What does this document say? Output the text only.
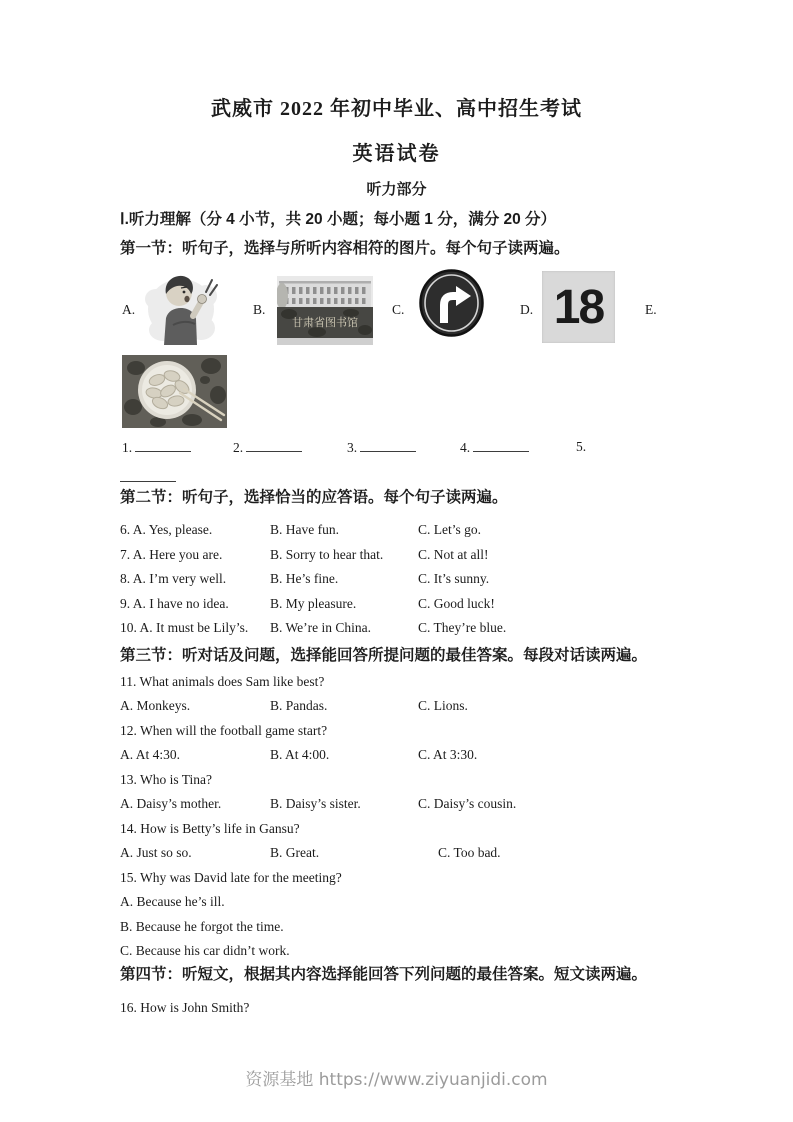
武威市 2022 年初中毕业、高中招生考试
英语试卷
听力部分
Ⅰ.听力理解（分 4 小节，共 20 小题；每小题 1 分，满分 20 分）
第一节：听句子，选择与所听内容相符的图片。每个句子读两遍。
A.	B.
甘肃省图书馆
C.	D. 18	E.
1.	2.	3.	4.	5.
第二节：听句子，选择恰当的应答语。每个句子读两遍。
6. A. Yes, please.	B. Have fun.	C. Let’s go.
7. A. Here you are.	B. Sorry to hear that.	C. Not at all!
8. A. I’m very well.	B. He’s fine.	C. It’s sunny.
9. A. I have no idea.	B. My pleasure.	C. Good luck!
10. A. It must be Lily’s.	B. We’re in China.	C. They’re blue.
第三节：听对话及问题，选择能回答所提问题的最佳答案。每段对话读两遍。
11. What animals does Sam like best?
A. Monkeys.	B. Pandas.	C. Lions.
12. When will the football game start?
A. At 4:30.	B. At 4:00.	C. At 3:30.
13. Who is Tina?
A. Daisy’s mother.	B. Daisy’s sister.	C. Daisy’s cousin.
14. How is Betty’s life in Gansu?
A. Just so so.	B. Great.	C. Too bad.
15. Why was David late for the meeting?
A. Because he’s ill.
B. Because he forgot the time.
C. Because his car didn’t work.
第四节：听短文，根据其内容选择能回答下列问题的最佳答案。短文读两遍。
16. How is John Smith?
资源基地 https://www.ziyuanjidi.com
